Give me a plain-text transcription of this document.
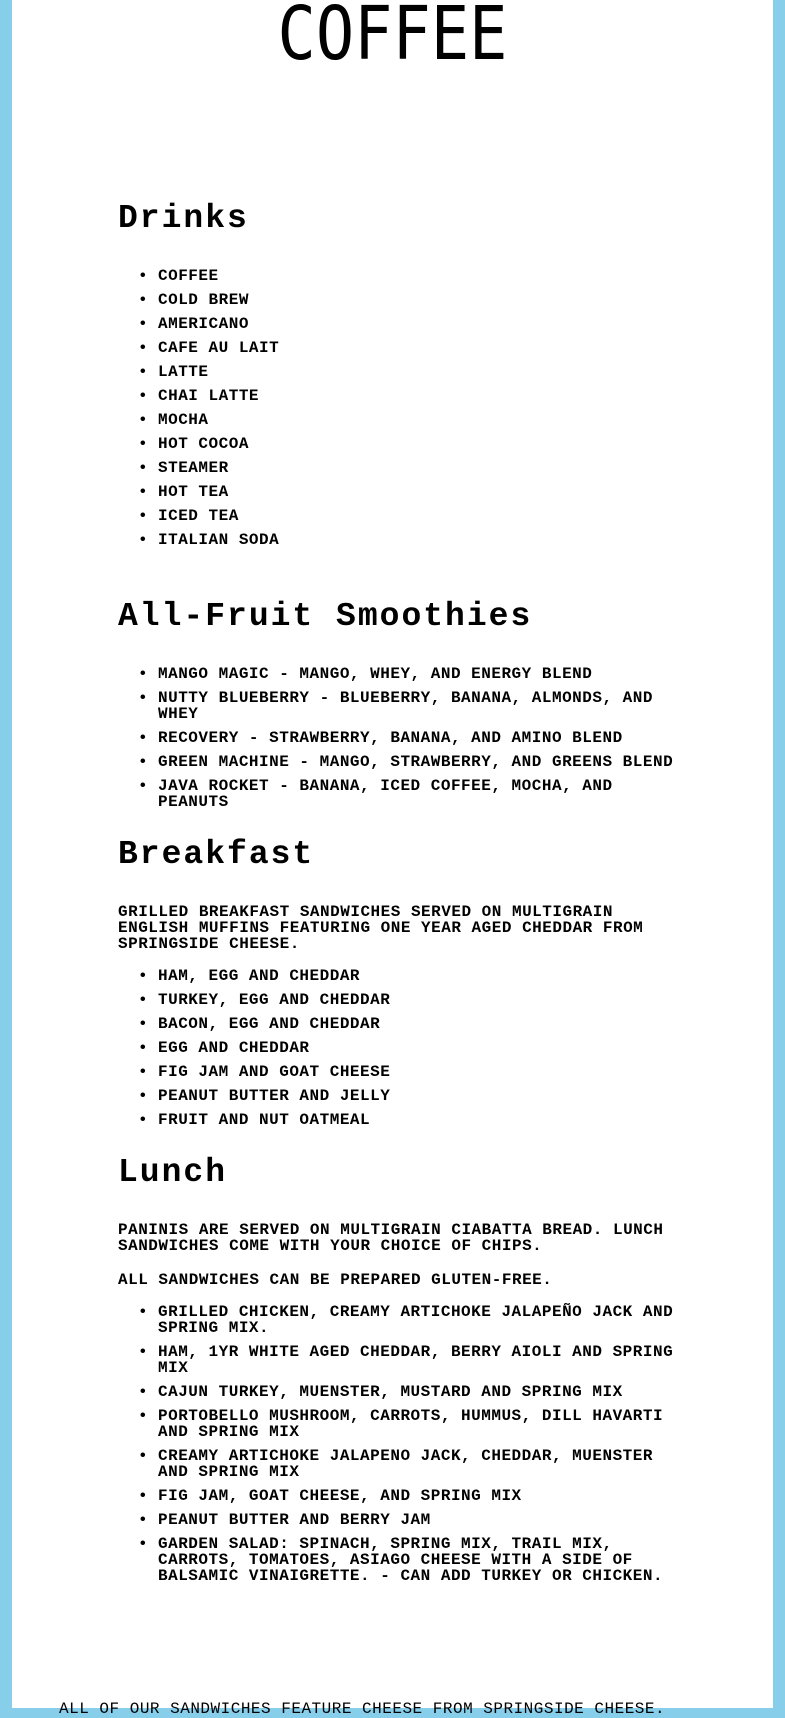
COFFEE
Drinks
• COFFEE
• COLD BREW
• AMERICANO
• CAFE AU LAIT
• LATTE
• CHAI LATTE
• MOCHA
• HOT COCOA
• STEAMER
• HOT TEA
• ICED TEA
• ITALIAN SODA
All-Fruit Smoothies
• MANGO MAGIC - MANGO, WHEY, AND ENERGY BLEND
• NUTTY BLUEBERRY - BLUEBERRY, BANANA, ALMONDS, AND WHEY
• RECOVERY - STRAWBERRY, BANANA, AND AMINO BLEND
• GREEN MACHINE - MANGO, STRAWBERRY, AND GREENS BLEND
• JAVA ROCKET - BANANA, ICED COFFEE, MOCHA, AND PEANUTS
Breakfast

GRILLED BREAKFAST SANDWICHES SERVED ON MULTIGRAIN ENGLISH MUFFINS FEATURING ONE YEAR AGED CHEDDAR FROM SPRINGSIDE CHEESE.

• HAM, EGG AND CHEDDAR
• TURKEY, EGG AND CHEDDAR
• BACON, EGG AND CHEDDAR
• EGG AND CHEDDAR
• FIG JAM AND GOAT CHEESE
• PEANUT BUTTER AND JELLY
• FRUIT AND NUT OATMEAL
Lunch

PANINIS ARE SERVED ON MULTIGRAIN CIABATTA BREAD. LUNCH SANDWICHES COME WITH YOUR CHOICE OF CHIPS.

ALL SANDWICHES CAN BE PREPARED GLUTEN-FREE.

• GRILLED CHICKEN, CREAMY ARTICHOKE JALAPEÑO JACK AND SPRING MIX.
• HAM, 1YR WHITE AGED CHEDDAR, BERRY AIOLI AND SPRING MIX
• CAJUN TURKEY, MUENSTER, MUSTARD AND SPRING MIX
• PORTOBELLO MUSHROOM, CARROTS, HUMMUS, DILL HAVARTI AND SPRING MIX
• CREAMY ARTICHOKE JALAPENO JACK, CHEDDAR, MUENSTER AND SPRING MIX
• FIG JAM, GOAT CHEESE, AND SPRING MIX
• PEANUT BUTTER AND BERRY JAM
• GARDEN SALAD: SPINACH, SPRING MIX, TRAIL MIX, CARROTS, TOMATOES, ASIAGO CHEESE WITH A SIDE OF BALSAMIC VINAIGRETTE. - CAN ADD TURKEY OR CHICKEN.

ALL OF OUR SANDWICHES FEATURE CHEESE FROM SPRINGSIDE CHEESE.
